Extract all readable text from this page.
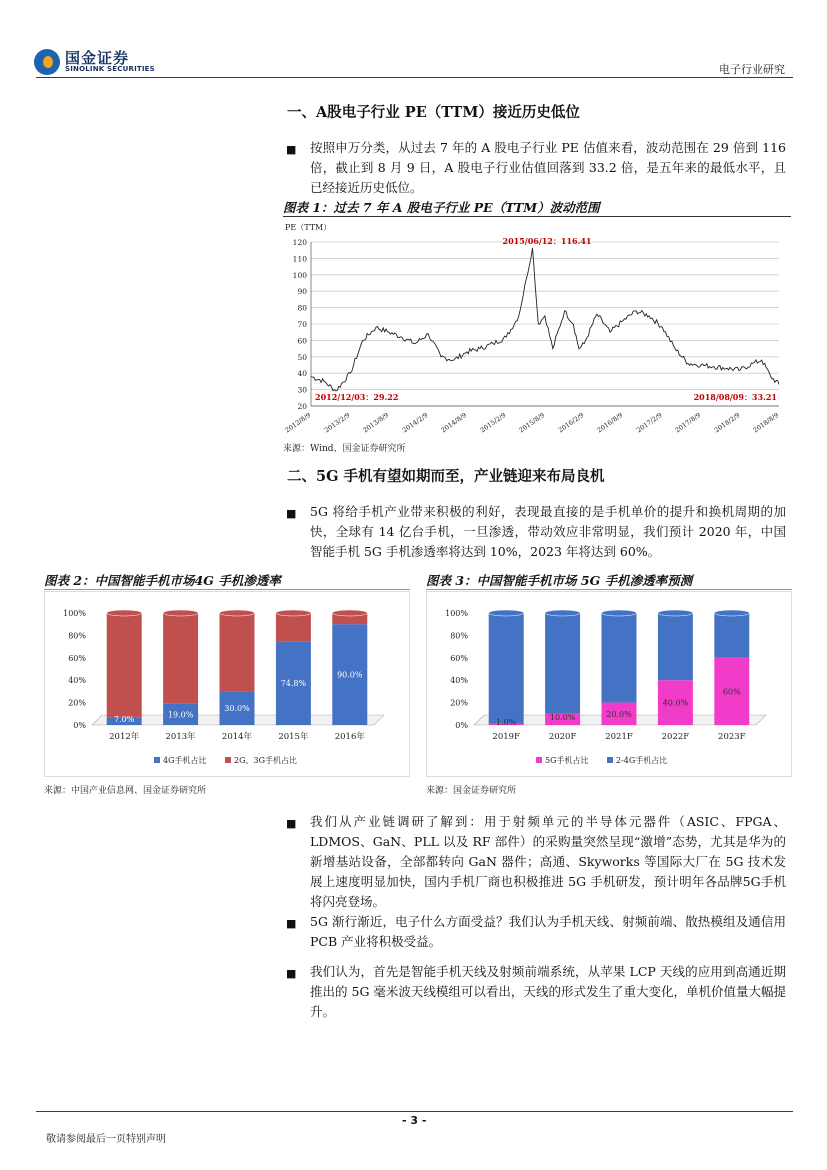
国金证券
SINOLINK SECURITIES	电子行业研究
一、A股电子行业 PE（TTM）接近历史低位
■ 按照申万分类，从过去 7 年的 A 股电子行业 PE 估值来看，波动范围在 29 倍到 116 倍，截止到 8 月 9 日，A 股电子行业估值回落到 33.2 倍，是五年来的最低水平，且已经接近历史低位。
图表 1：过去 7 年 A 股电子行业 PE（TTM）波动范围
PE（TTM）
120
110
100
90
80
70
60
50
40
30
20
2012/8/9 2013/2/9 2013/8/9 2014/2/9 2014/8/9 2015/2/9 2015/8/9 2016/2/9 2016/8/9 2017/2/9 2017/8/9 2018/2/9 2018/8/9
2015/06/12：116.41
2012/12/03：29.22	2018/08/09：33.21
来源：Wind、国金证券研究所
二、5G 手机有望如期而至，产业链迎来布局良机
■ 5G 将给手机产业带来积极的利好，表现最直接的是手机单价的提升和换机周期的加快，全球有 14 亿台手机，一旦渗透，带动效应非常明显，我们预计 2020 年，中国智能手机 5G 手机渗透率将达到 10%，2023 年将达到 60%。
图表 2：中国智能手机市场4G 手机渗透率
100%
80%
60%
40%
20%
0%
2012年
7.0%
2013年
19.0%
2014年
30.0%
2015年
74.8%
2016年
90.0%
4G手机占比	2G、3G手机占比
来源：中国产业信息网、国金证券研究所
图表 3：中国智能手机市场 5G 手机渗透率预测
100%
80%
60%
40%
20%
0%
2019F
1.0%
2020F
10.0%
2021F
20.0%
2022F
40.0%
2023F
60%
5G手机占比	2-4G手机占比
来源：国金证券研究所
■ 我们从产业链调研了解到：用于射频单元的半导体元器件（ASIC、FPGA、LDMOS、GaN、PLL 以及 RF 部件）的采购量突然呈现“激增”态势，尤其是华为的新增基站设备，全部都转向 GaN 器件；高通、Skyworks 等国际大厂在 5G 技术发展上速度明显加快，国内手机厂商也积极推进 5G 手机研发，预计明年各品牌5G手机将闪亮登场。
■ 5G 渐行渐近，电子什么方面受益？我们认为手机天线、射频前端、散热模组及通信用 PCB 产业将积极受益。
■ 我们认为，首先是智能手机天线及射频前端系统，从苹果 LCP 天线的应用到高通近期推出的 5G 毫米波天线模组可以看出，天线的形式发生了重大变化，单机价值量大幅提升。
- 3 -
敬请参阅最后一页特别声明
